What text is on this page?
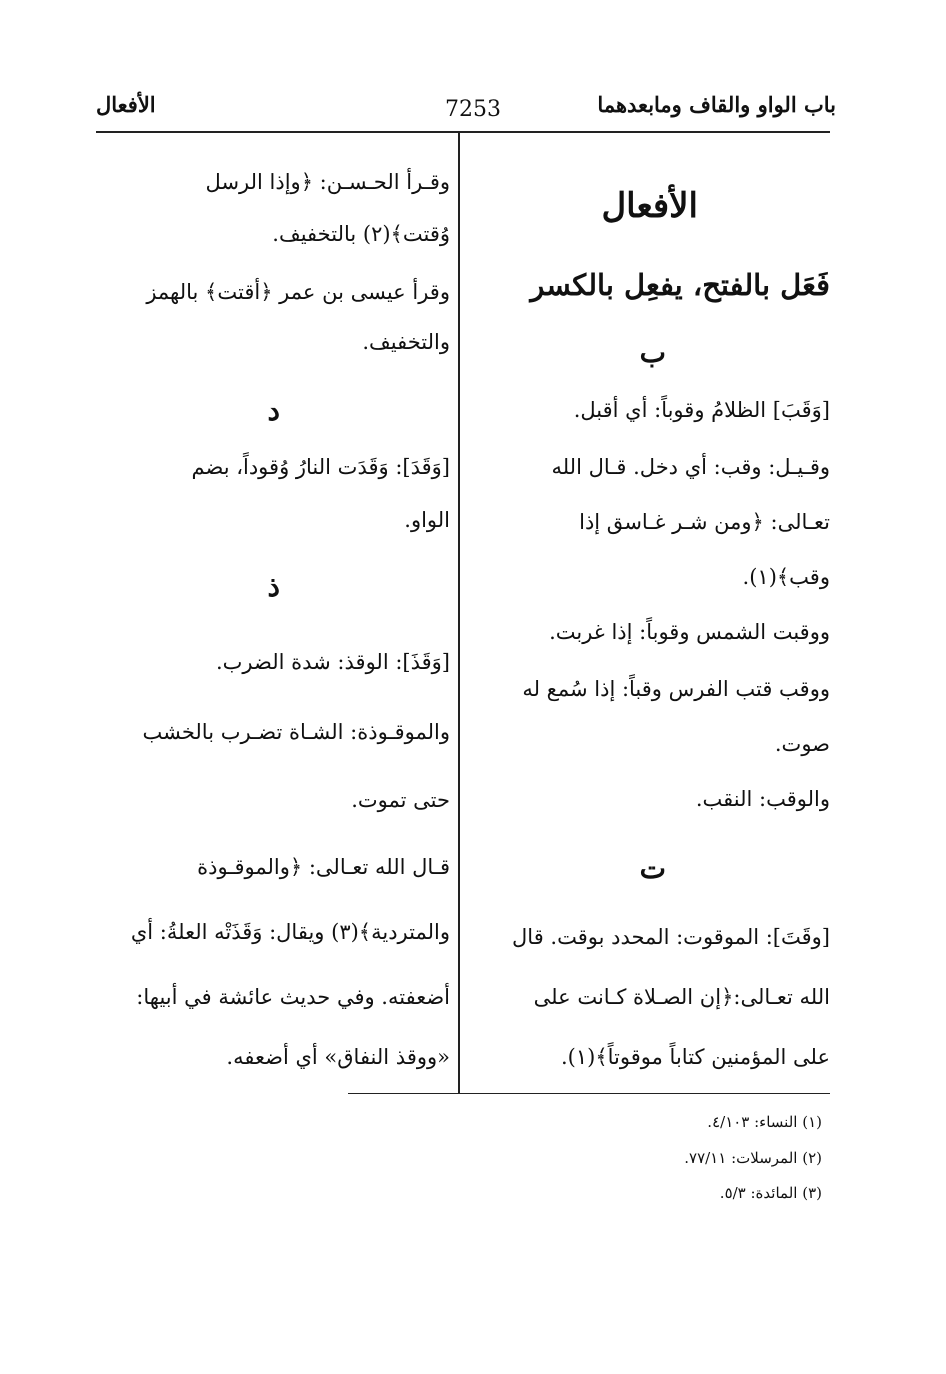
باب الواو والقاف ومابعدهما
7253
الأفعال
الأفعال
فَعَل بالفتح، يفعِل بالكسر
ب
[وَقَبَ] الظلامُ وقوباً: أي أقبل.
وقـيـل: وقب: أي دخل. قـال الله
تعـالى: ﴿ومن شـر غـاسق إذا
وقب﴾(١).
ووقبت الشمس وقوباً: إذا غربت.
ووقب قتب الفرس وقباً: إذا سُمع له
صوت.
والوقب: النقب.
ت
[وقَتَ]: الموقوت: المحدد بوقت. قال
الله تعـالى:﴿إن الصـلاة كـانت على
على المؤمنين كتاباً موقوتاً﴾(١).
وقـرأ الحـسـن: ﴿وإذا الرسل
وُقتت﴾(٢) بالتخفيف.
وقرأ عيسى بن عمر ﴿أقتت﴾ بالهمز
والتخفيف.
د
[وَقَدَ]: وَقَدَت النارُ وُقوداً، بضم
الواو.
ذ
[وَقَذَ]: الوقذ: شدة الضرب.
والموقـوذة: الشـاة تضـرب بالخشب
حتى تموت.
قـال الله تعـالى: ﴿والموقـوذة
والمتردية﴾(٣) ويقال: وَقَذَتْه العلةُ: أي
أضعفته. وفي حديث عائشة في أبيها:
«ووقذ النفاق» أي أضعفه.
(١) النساء: ٤/١٠٣.
(٢) المرسلات: ٧٧/١١.
(٣) المائدة: ٥/٣.
